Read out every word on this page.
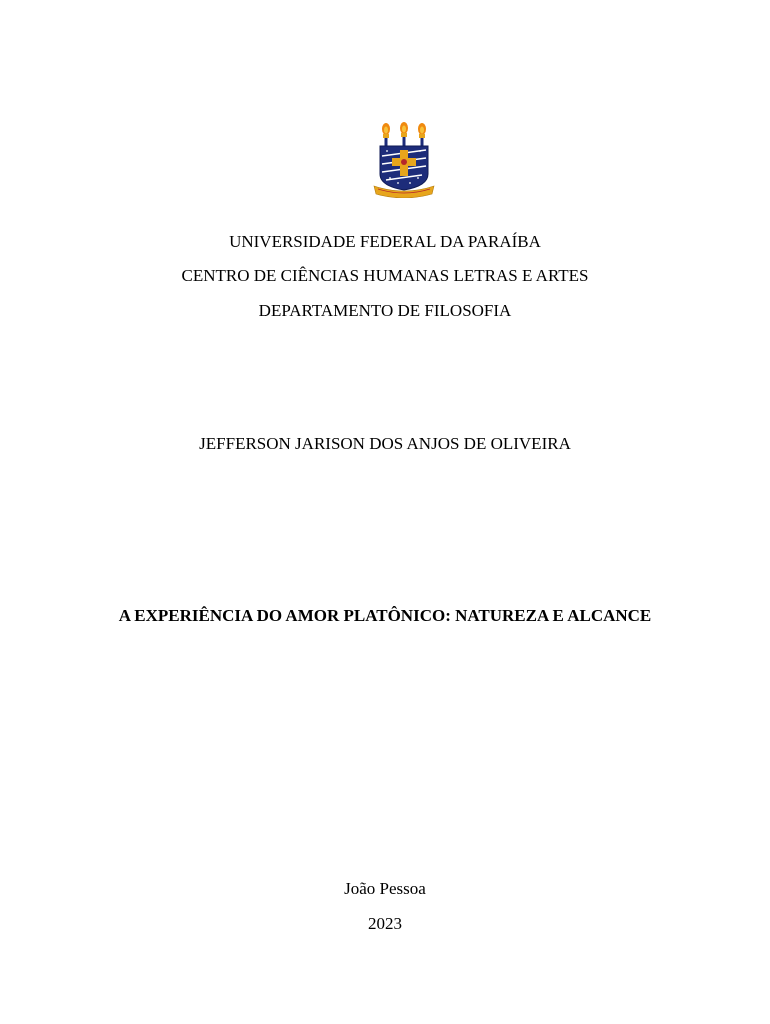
UNIVERSIDADE FEDERAL DA PARAÍBA
CENTRO DE CIÊNCIAS HUMANAS LETRAS E ARTES
DEPARTAMENTO DE FILOSOFIA
JEFFERSON JARISON DOS ANJOS DE OLIVEIRA
A EXPERIÊNCIA DO AMOR PLATÔNICO: NATUREZA E ALCANCE
João Pessoa
2023
